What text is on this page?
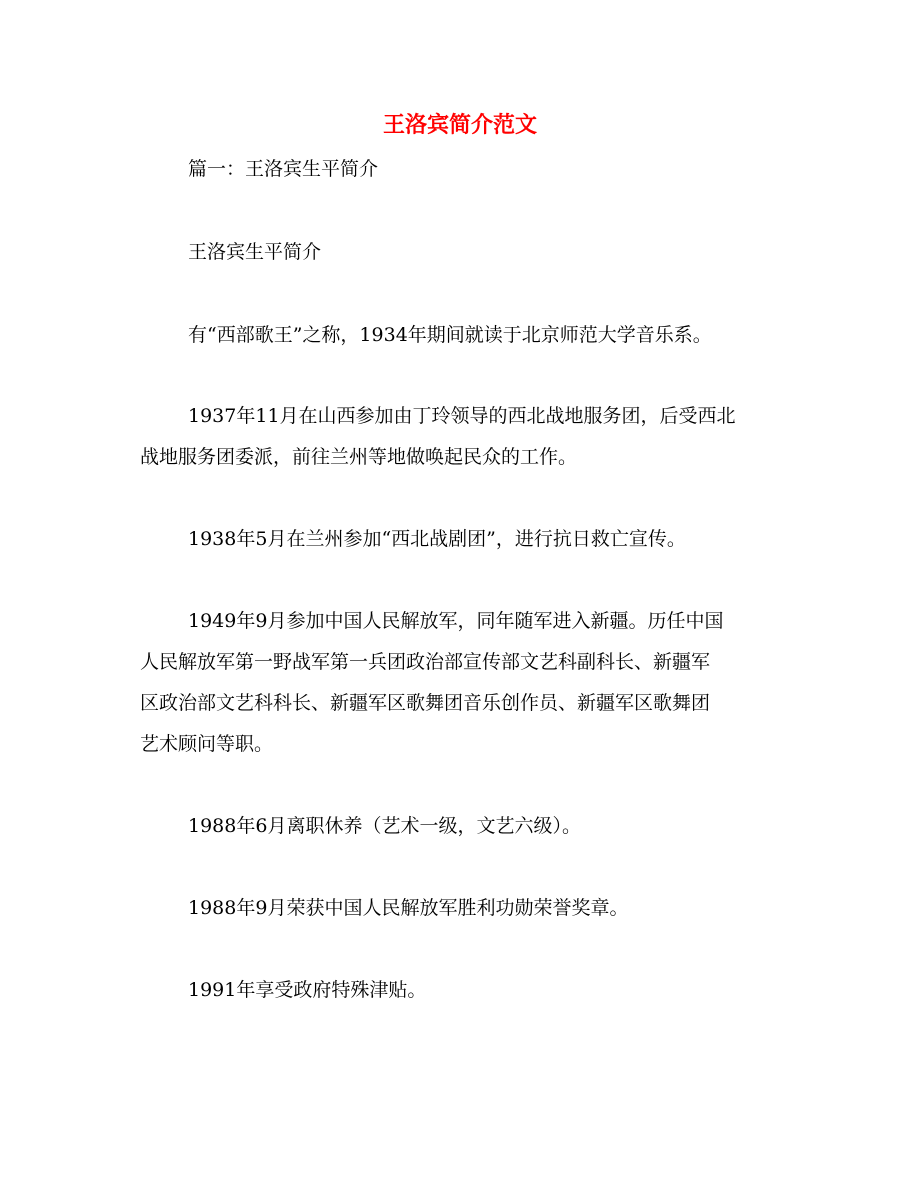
王洛宾简介范文
篇一：王洛宾生平简介
王洛宾生平简介
有“西部歌王”之称，1934年期间就读于北京师范大学音乐系。
1937年11月在山西参加由丁玲领导的西北战地服务团，后受西北
战地服务团委派，前往兰州等地做唤起民众的工作。
1938年5月在兰州参加“西北战剧团”，进行抗日救亡宣传。
1949年9月参加中国人民解放军，同年随军进入新疆。历任中国
人民解放军第一野战军第一兵团政治部宣传部文艺科副科长、新疆军
区政治部文艺科科长、新疆军区歌舞团音乐创作员、新疆军区歌舞团
艺术顾问等职。
1988年6月离职休养（艺术一级，文艺六级）。
1988年9月荣获中国人民解放军胜利功勋荣誉奖章。
1991年享受政府特殊津贴。
